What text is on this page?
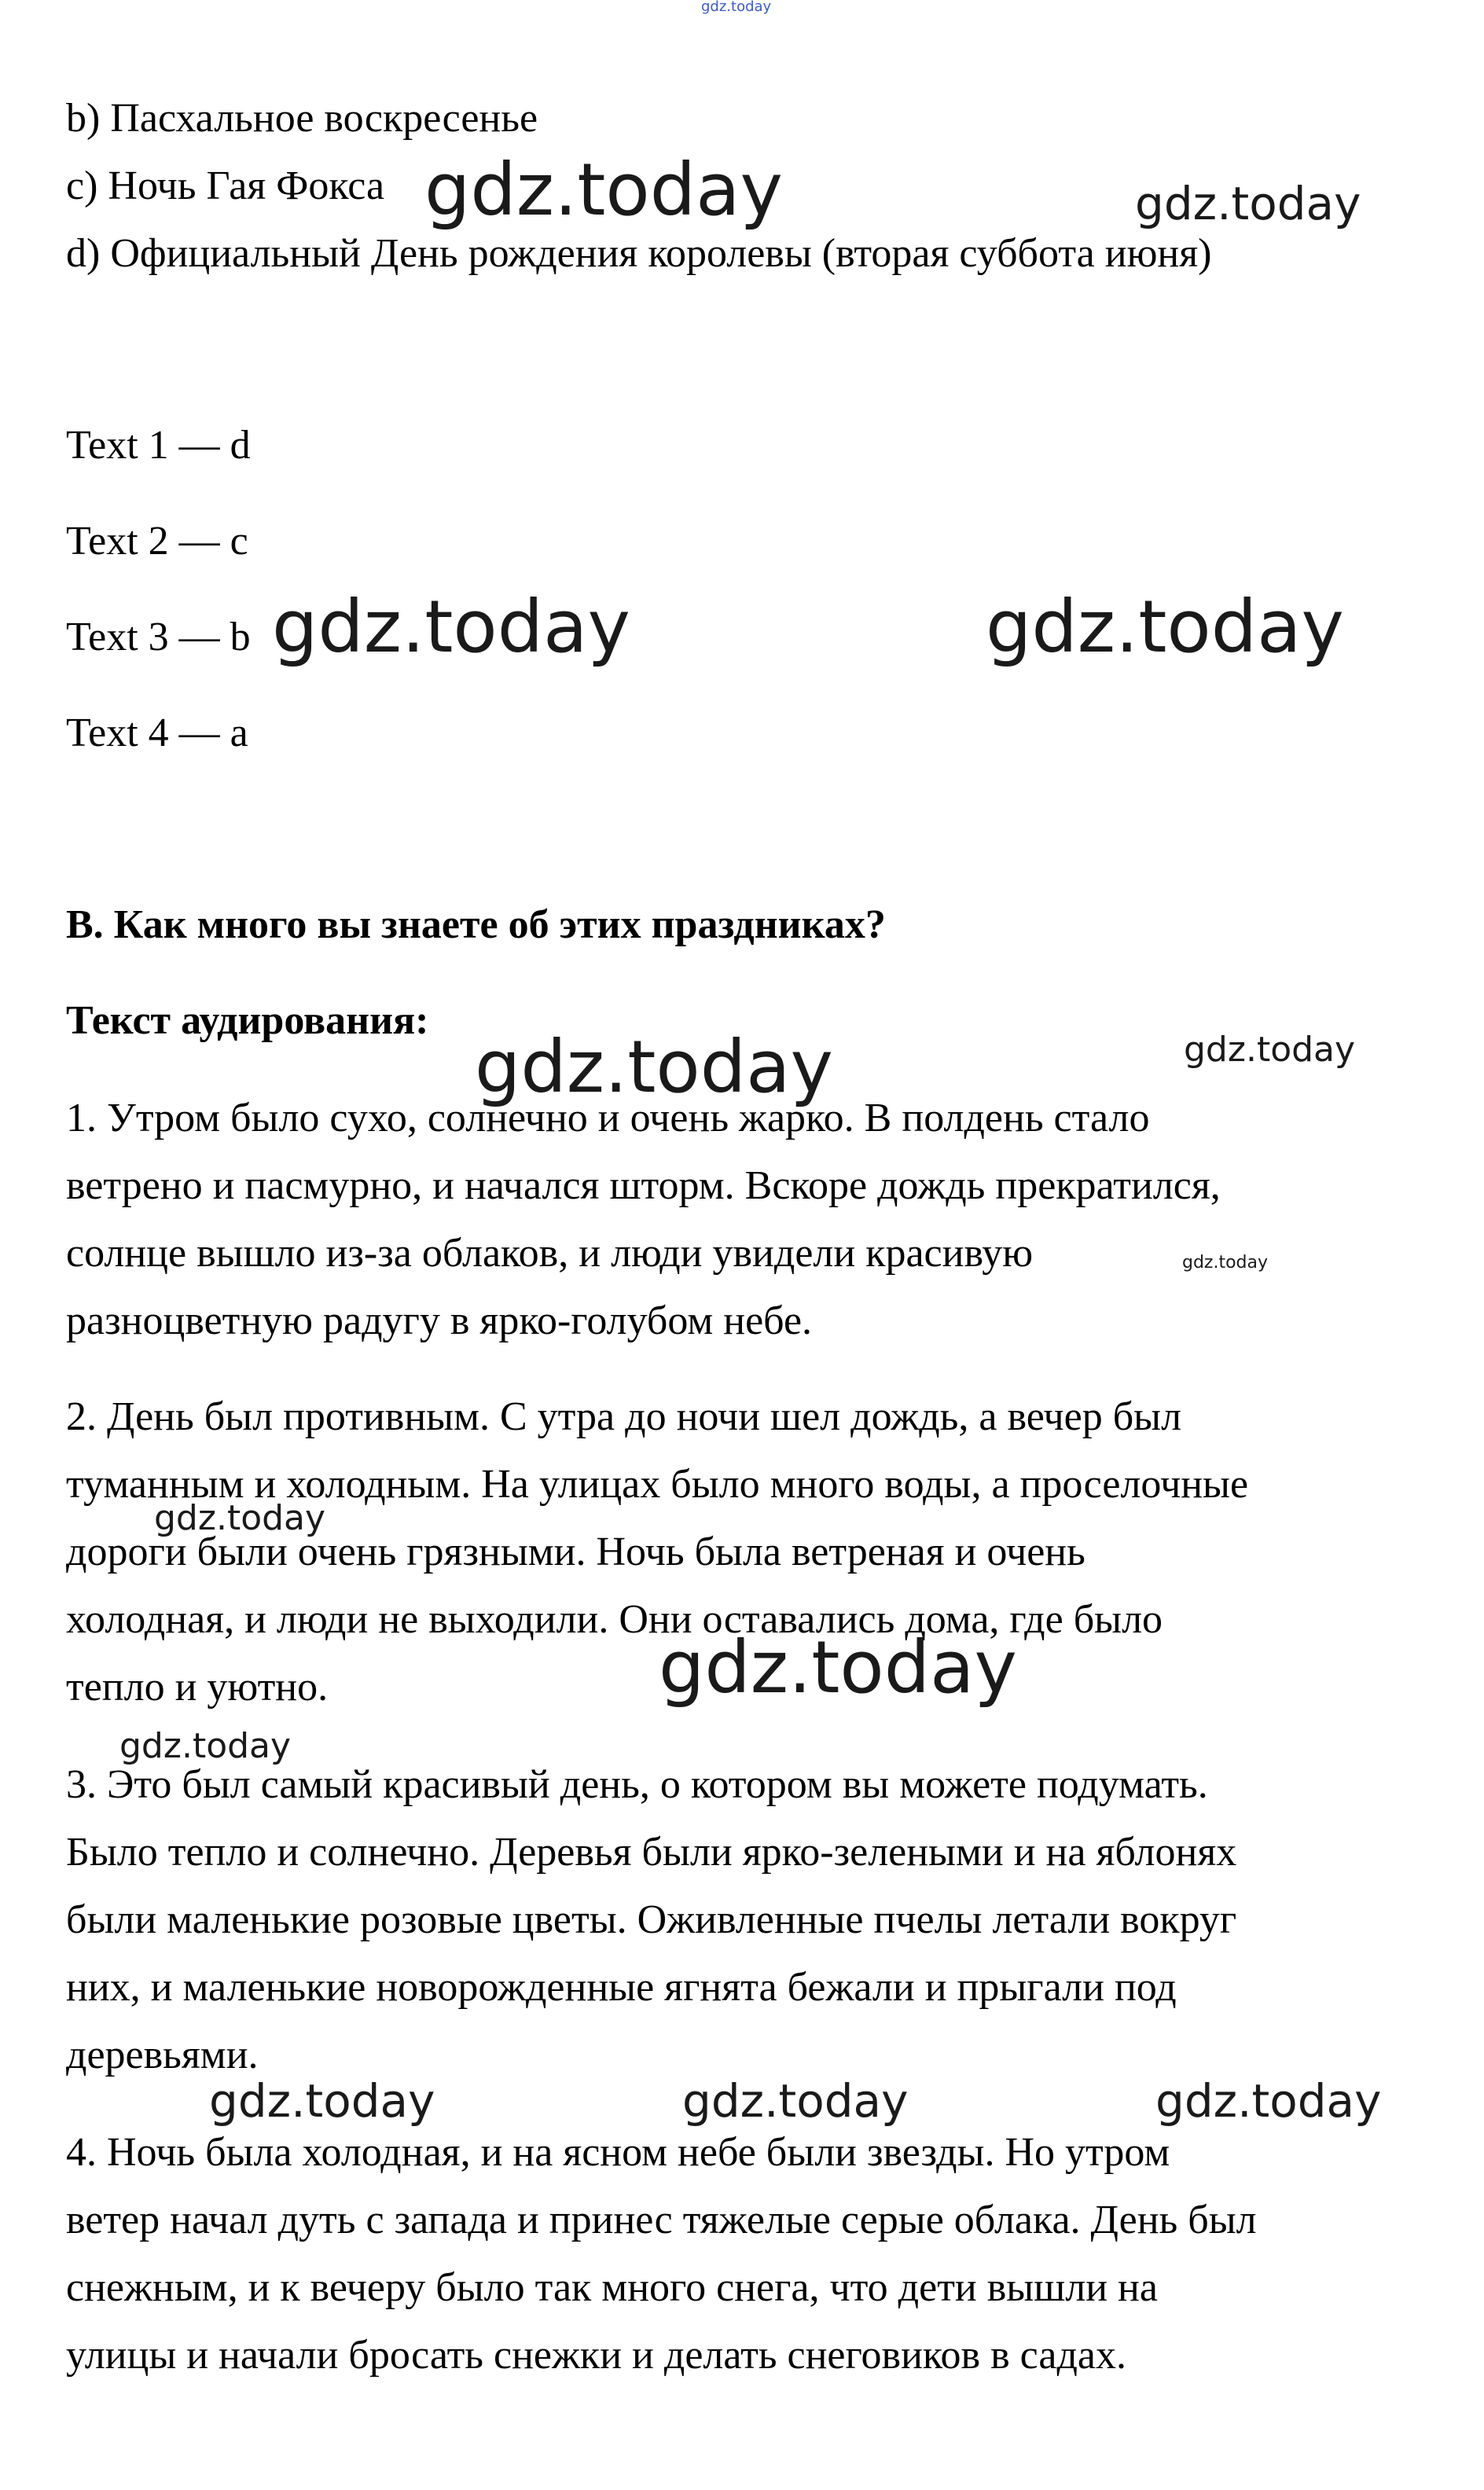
gdz.today
gdz.today	gdz.today
gdz.today	gdz.today
gdz.today	gdz.today
gdz.today
gdz.today
gdz.today
gdz.today
gdz.today	gdz.today	gdz.today
b) Пасхальное воскресенье
c) Ночь Гая Фокса
d) Официальный День рождения королевы (вторая суббота июня)
Text 1 — d
Text 2 — c
Text 3 — b
Text 4 — a
B. Как много вы знаете об этих праздниках?
Текст аудирования:
1. Утром было сухо, солнечно и очень жарко. В полдень стало
ветрено и пасмурно, и начался шторм. Вскоре дождь прекратился,
солнце вышло из-за облаков, и люди увидели красивую
разноцветную радугу в ярко-голубом небе.
2. День был противным. С утра до ночи шел дождь, а вечер был
туманным и холодным. На улицах было много воды, а проселочные
дороги были очень грязными. Ночь была ветреная и очень
холодная, и люди не выходили. Они оставались дома, где было
тепло и уютно.
3. Это был самый красивый день, о котором вы можете подумать.
Было тепло и солнечно. Деревья были ярко-зелеными и на яблонях
были маленькие розовые цветы. Оживленные пчелы летали вокруг
них, и маленькие новорожденные ягнята бежали и прыгали под
деревьями.
4. Ночь была холодная, и на ясном небе были звезды. Но утром
ветер начал дуть с запада и принес тяжелые серые облака. День был
снежным, и к вечеру было так много снега, что дети вышли на
улицы и начали бросать снежки и делать снеговиков в садах.
